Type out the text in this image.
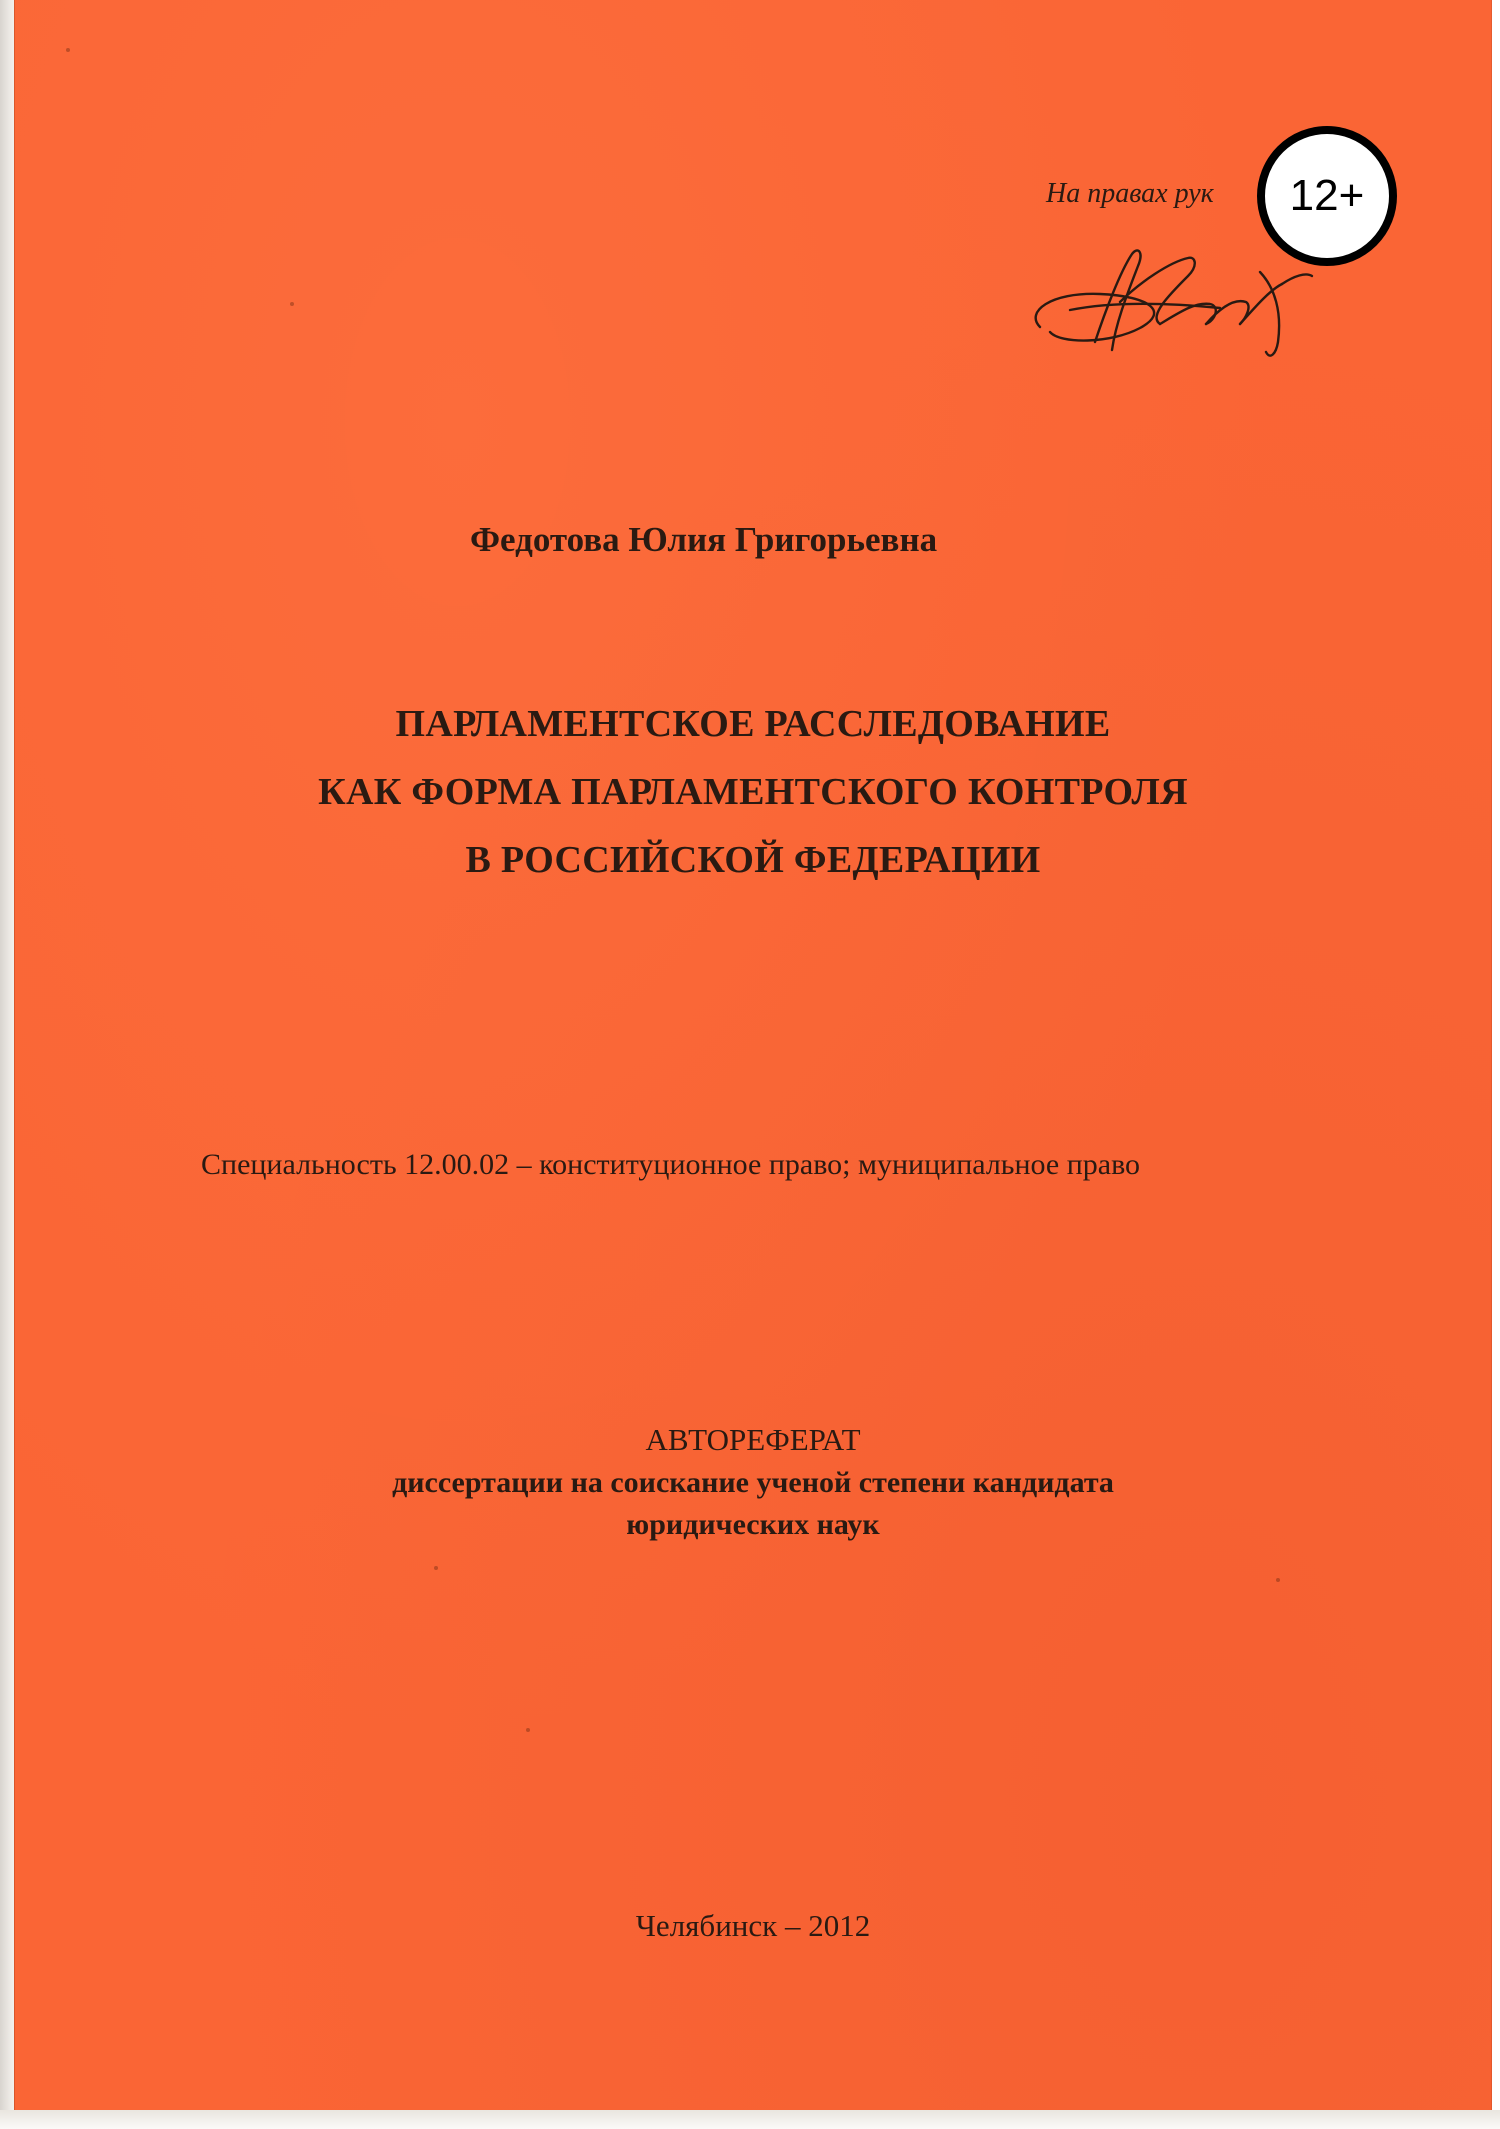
На правах рук	12+
Федотова Юлия Григорьевна
ПАРЛАМЕНТСКОЕ РАССЛЕДОВАНИЕ
КАК ФОРМА ПАРЛАМЕНТСКОГО КОНТРОЛЯ
В РОССИЙСКОЙ ФЕДЕРАЦИИ
Специальность 12.00.02 – конституционное право; муниципальное право
АВТОРЕФЕРАТ
диссертации на соискание ученой степени кандидата
юридических наук
Челябинск – 2012
